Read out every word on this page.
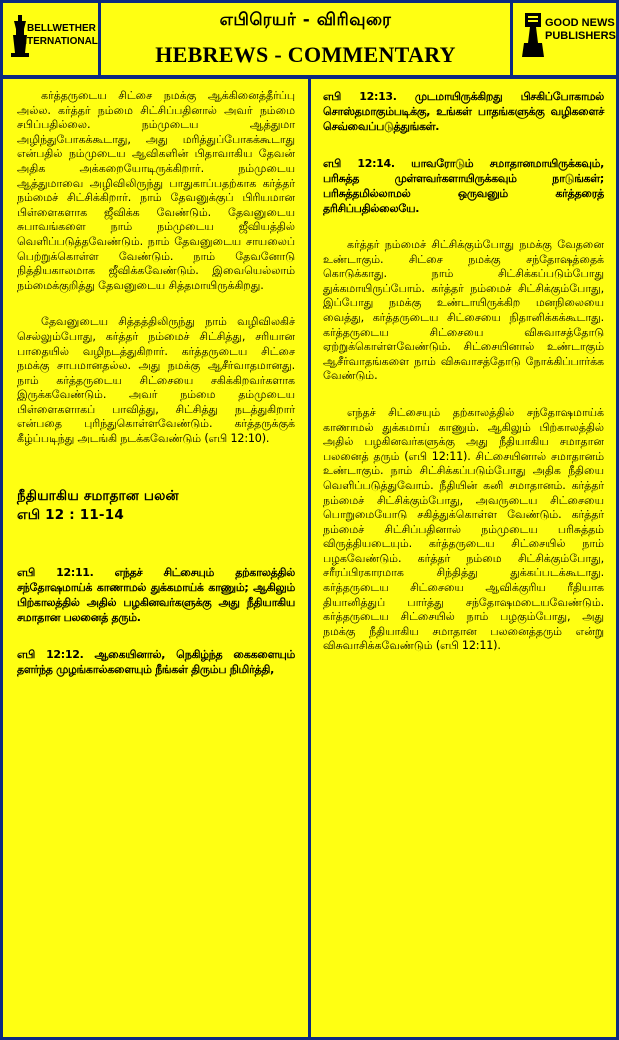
BELLWETHER
INTERNATIONAL
எபிரெயர் - விரிவுரை
HEBREWS - COMMENTARY
GOOD NEWS
PUBLISHERS

கர்த்தருடைய சிட்சை நமக்கு ஆக்கினைத்தீர்ப்பு அல்ல. கர்த்தர் நம்மை சிட்சிப்பதினால் அவர் நம்மை சபிப்பதில்லை. நம்முடைய ஆத்துமா அழிந்துபோகக்கூடாது, அது மரித்துப்போகக்கூடாது என்பதில் நம்முடைய ஆவிகளின் பிதாவாகிய தேவன் அதிக அக்கறையோடிருக்கிறார். நம்முடைய ஆத்துமாவை அழிவிலிருந்து பாதுகாப்பதற்காக கர்த்தர் நம்மைச் சிட்சிக்கிறார். நாம் தேவனுக்குப் பிரியமான பிள்ளைகளாக ஜீவிக்க வேண்டும். தேவனுடைய சுபாவங்களை நாம் நம்முடைய ஜீவியத்தில் வெளிப்படுத்தவேண்டும். நாம் தேவனுடைய சாயலைப் பெற்றுக்கொள்ள வேண்டும். நாம் தேவனோடு நித்தியகாலமாக ஜீவிக்கவேண்டும். இவையெல்லாம் நம்மைக்குறித்து தேவனுடைய சித்தமாயிருக்கிறது.

தேவனுடைய சித்தத்திலிருந்து நாம் வழிவிலகிச் செல்லும்போது, கர்த்தர் நம்மைச் சிட்சித்து, சரியான பாதையில் வழிநடத்துகிறார். கர்த்தருடைய சிட்சை நமக்கு சாபமானதல்ல. அது நமக்கு ஆசீர்வாதமானது. நாம் கர்த்தருடைய சிட்சையை சகிக்கிறவர்களாக இருக்கவேண்டும். அவர் நம்மை தம்முடைய பிள்ளைகளாகப் பாவித்து, சிட்சித்து நடத்துகிறார் என்பதை புரிந்துகொள்ளவேண்டும். கர்த்தருக்குக் கீழ்ப்படிந்து அடங்கி நடக்கவேண்டும் (எபி 12:10).

நீதியாகிய சமாதான பலன்
எபி 12 : 11-14

எபி 12:11. எந்தச் சிட்சையும் தற்காலத்தில் சந்தோஷமாய்க் காணாமல் துக்கமாய்க் காணும்; ஆகிலும் பிற்காலத்தில் அதில் பழகினவர்களுக்கு அது நீதியாகிய சமாதான பலனைத் தரும்.

எபி 12:12. ஆகையினால், நெகிழ்ந்த கைகளையும் தளர்ந்த முழங்கால்களையும் நீங்கள் திரும்ப நிமிர்த்தி,

எபி 12:13. முடமாயிருக்கிறது பிசகிப்போகாமல் சொஸ்தமாகும்படிக்கு, உங்கள் பாதங்களுக்கு வழிகளைச் செவ்வைப்படுத்துங்கள்.

எபி 12:14. யாவரோடும் சமாதானமாயிருக்கவும், பரிசுத்த முள்ளவர்களாயிருக்கவும் நாடுங்கள்; பரிசுத்தமில்லாமல் ஒருவனும் கர்த்தரைத் தரிசிப்பதில்லையே.

கர்த்தர் நம்மைச் சிட்சிக்கும்போது நமக்கு வேதனை உண்டாகும். சிட்சை நமக்கு சந்தோஷத்தைக் கொடுக்காது. நாம் சிட்சிக்கப்படும்போது துக்கமாயிருப்போம். கர்த்தர் நம்மைச் சிட்சிக்கும்போது, இப்போது நமக்கு உண்டாயிருக்கிற மனநிலையை வைத்து, கர்த்தருடைய சிட்சையை நிதானிக்கக்கூடாது. கர்த்தருடைய சிட்சையை விசுவாசத்தோடு ஏற்றுக்கொள்ளவேண்டும். சிட்சையினால் உண்டாகும் ஆசீர்வாதங்களை நாம் விசுவாசத்தோடு நோக்கிப்பார்க்க வேண்டும்.

எந்தச் சிட்சையும் தற்காலத்தில் சந்தோஷமாய்க் காணாமல் துக்கமாய் காணும். ஆகிலும் பிற்காலத்தில் அதில் பழகினவர்களுக்கு அது நீதியாகிய சமாதான பலனைத் தரும் (எபி 12:11). சிட்சையினால் சமாதானம் உண்டாகும். நாம் சிட்சிக்கப்படும்போது அதிக நீதியை வெளிப்படுத்துவோம். நீதியின் கனி சமாதானம். கர்த்தர் நம்மைச் சிட்சிக்கும்போது, அவருடைய சிட்சையை பொறுமையோடு சகித்துக்கொள்ள வேண்டும். கர்த்தர் நம்மைச் சிட்சிப்பதினால் நம்முடைய பரிசுத்தம் விருத்தியடையும். கர்த்தருடைய சிட்சையில் நாம் பழகவேண்டும். கர்த்தர் நம்மை சிட்சிக்கும்போது, சரீரப்பிரகாரமாக சிந்தித்து துக்கப்படக்கூடாது. கர்த்தருடைய சிட்சையை ஆவிக்குரிய ரீதியாக தியானித்துப் பார்த்து சந்தோஷமடையவேண்டும். கர்த்தருடைய சிட்சையில் நாம் பழகும்போது, அது நமக்கு நீதியாகிய சமாதான பலனைத்தரும் என்று விசுவாசிக்கவேண்டும் (எபி 12:11).
